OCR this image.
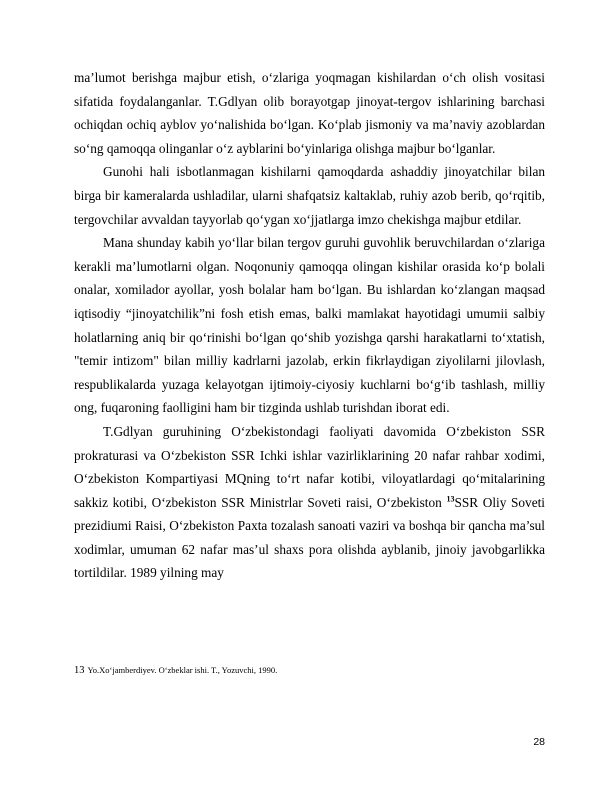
ma’lumot berishga majbur etish, o‘zlariga yoqmagan kishilardan o‘ch olish vositasi sifatida foydalanganlar. T.Gdlyan olib borayotgap jinoyat-tergov ishlarining barchasi ochiqdan ochiq ayblov yo‘nalishida bo‘lgan. Ko‘plab jismoniy va ma’naviy azoblardan so‘ng qamoqqa olinganlar o‘z ayblarini bo‘yinlariga olishga majbur bo‘lganlar.

Gunohi hali isbotlanmagan kishilarni qamoqdarda ashaddiy jinoyatchilar bilan birga bir kameralarda ushladilar, ularni shafqatsiz kaltaklab, ruhiy azob berib, qo‘rqitib, tergovchilar avvaldan tayyorlab qo‘ygan xo‘jjatlarga imzo chekishga majbur etdilar.

Mana shunday kabih yo‘llar bilan tergov guruhi guvohlik beruvchilardan o‘zlariga kerakli ma’lumotlarni olgan. Noqonuniy qamoqqa olingan kishilar orasida ko‘p bolali onalar, xomilador ayollar, yosh bolalar ham bo‘lgan. Bu ishlardan ko‘zlangan maqsad iqtisodiy “jinoyatchilik”ni fosh etish emas, balki mamlakat hayotidagi umumii salbiy holatlarning aniq bir qo‘rinishi bo‘lgan qo‘shib yozishga qarshi harakatlarni to‘xtatish, "temir intizom" bilan milliy kadrlarni jazolab, erkin fikrlaydigan ziyolilarni jilovlash, respublikalarda yuzaga kelayotgan ijtimoiy-ciyosiy kuchlarni bo‘g‘ib tashlash, milliy ong, fuqaroning faolligini ham bir tizginda ushlab turishdan iborat edi.

T.Gdlyan guruhining O‘zbekistondagi faoliyati davomida O‘zbekiston SSR prokraturasi va O‘zbekiston SSR Ichki ishlar vazirliklarining 20 nafar rahbar xodimi, O‘zbekiston Kompartiyasi MQning to‘rt nafar kotibi, viloyatlardagi qo‘mitalarining sakkiz kotibi, O‘zbekiston SSR Ministrlar Soveti raisi, O‘zbekiston $^{13}$SSR Oliy Soveti prezidiumi Raisi, O‘zbekiston Paxta tozalash sanoati vaziri va boshqa bir qancha ma’sul xodimlar, umuman 62 nafar mas’ul shaxs pora olishda ayblanib, jinoiy javobgarlikka tortildilar. 1989 yilning may

13 Yo.Xo‘jamberdiyev. O‘zbeklar ishi. T., Yozuvchi, 1990.
28
